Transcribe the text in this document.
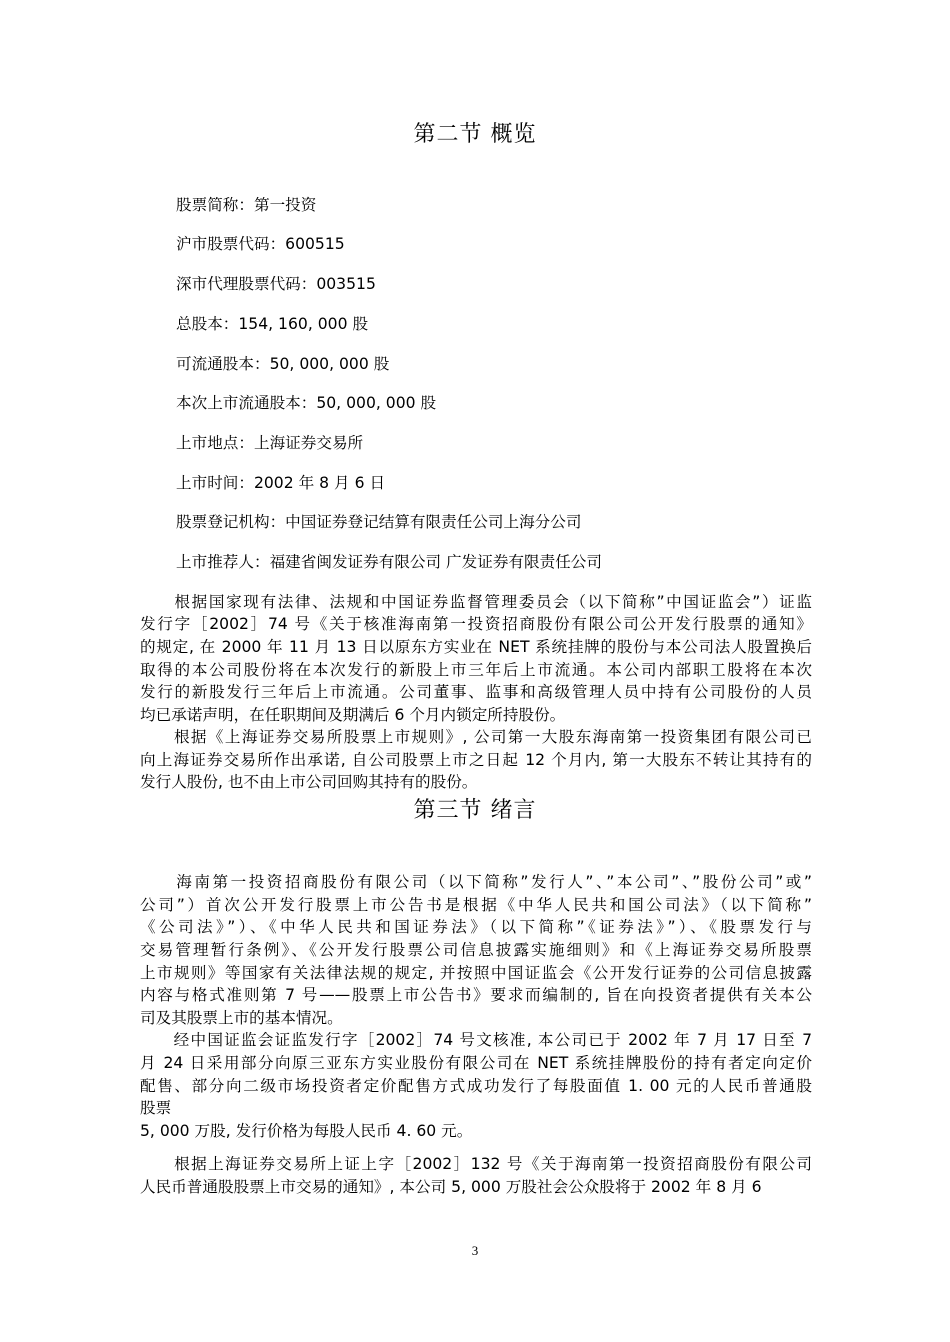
第二节 概览
股票简称：第一投资
沪市股票代码：600515
深市代理股票代码：003515
总股本：154, 160, 000 股
可流通股本：50, 000, 000 股
本次上市流通股本：50, 000, 000 股
上市地点：上海证券交易所
上市时间：2002 年 8 月 6 日
股票登记机构：中国证券登记结算有限责任公司上海分公司
上市推荐人：福建省闽发证券有限公司 广发证券有限责任公司
　　根据国家现有法律、法规和中国证券监督管理委员会（以下简称”中国证监会”）证监
发行字［2002］74 号《关于核准海南第一投资招商股份有限公司公开发行股票的通知》
的规定, 在 2000 年 11 月 13 日以原东方实业在 NET 系统挂牌的股份与本公司法人股置换后
取得的本公司股份将在本次发行的新股上市三年后上市流通。本公司内部职工股将在本次
发行的新股发行三年后上市流通。公司董事、监事和高级管理人员中持有公司股份的人员
均已承诺声明，在任职期间及期满后 6 个月内锁定所持股份。
　　根据《上海证券交易所股票上市规则》, 公司第一大股东海南第一投资集团有限公司已
向上海证券交易所作出承诺, 自公司股票上市之日起 12 个月内, 第一大股东不转让其持有的
发行人股份, 也不由上市公司回购其持有的股份。
第三节 绪言
　　海南第一投资招商股份有限公司（以下简称”发行人”、”本公司”、”股份公司”或”
公司”）首次公开发行股票上市公告书是根据《中华人民共和国公司法》（以下简称”
《公司法》”）、《中华人民共和国证券法》（以下简称”《证券法》”）、《股票发行与
交易管理暂行条例》、《公开发行股票公司信息披露实施细则》和《上海证券交易所股票
上市规则》等国家有关法律法规的规定, 并按照中国证监会《公开发行证券的公司信息披露
内容与格式准则第 7 号——股票上市公告书》要求而编制的, 旨在向投资者提供有关本公
司及其股票上市的基本情况。
　　经中国证监会证监发行字［2002］74 号文核准, 本公司已于 2002 年 7 月 17 日至 7
月 24 日采用部分向原三亚东方实业股份有限公司在 NET 系统挂牌股份的持有者定向定价
配售、部分向二级市场投资者定价配售方式成功发行了每股面值 1. 00 元的人民币普通股
股票
5, 000 万股, 发行价格为每股人民币 4. 60 元。
　　根据上海证券交易所上证上字［2002］132 号《关于海南第一投资招商股份有限公司
人民币普通股股票上市交易的通知》, 本公司 5, 000 万股社会公众股将于 2002 年 8 月 6
3
